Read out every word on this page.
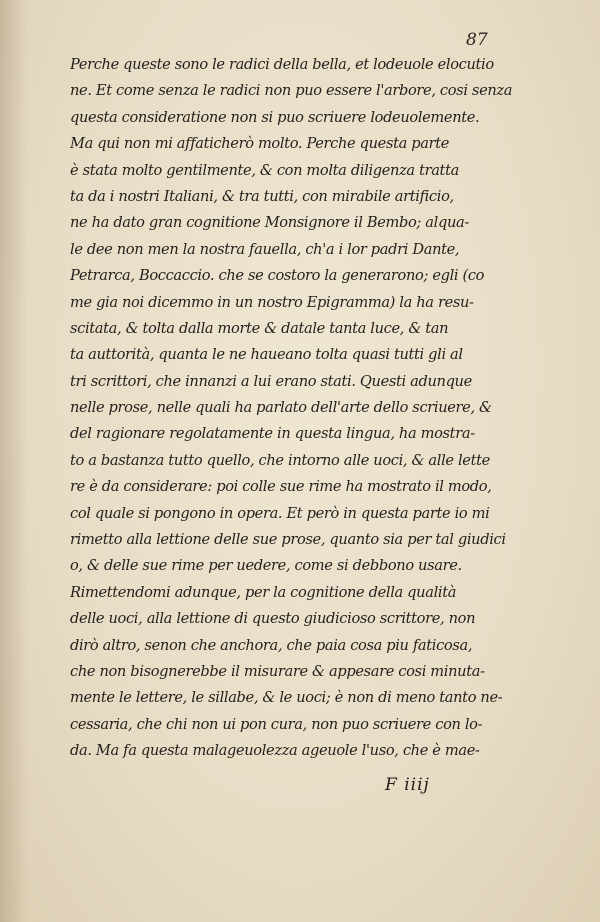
87
Perche queste sono le radici della bella, et lodeuole elocutio
ne. Et come senza le radici non puo essere l'arbore, cosi senza
questa consideratione non si puo scriuere lodeuolemente.
Ma qui non mi affaticherò molto. Perche questa parte
è stata molto gentilmente, & con molta diligenza tratta
ta da i nostri Italiani, & tra tutti, con mirabile artificio,
ne ha dato gran cognitione Monsignore il Bembo; alqua-
le dee non men la nostra fauella, ch'a i lor padri Dante,
Petrarca, Boccaccio. che se costoro la generarono; egli (co
me gia noi dicemmo in un nostro Epigramma) la ha resu-
scitata, & tolta dalla morte & datale tanta luce, & tan
ta auttorità, quanta le ne haueano tolta quasi tutti gli al
tri scrittori, che innanzi a lui erano stati. Questi adunque
nelle prose, nelle quali ha parlato dell'arte dello scriuere, &
del ragionare regolatamente in questa lingua, ha mostra-
to a bastanza tutto quello, che intorno alle uoci, & alle lette
re è da considerare: poi colle sue rime ha mostrato il modo,
col quale si pongono in opera. Et però in questa parte io mi
rimetto alla lettione delle sue prose, quanto sia per tal giudici
o, & delle sue rime per uedere, come si debbono usare.
Rimettendomi adunque, per la cognitione della qualità
delle uoci, alla lettione di questo giudicioso scrittore, non
dirò altro, senon che anchora, che paia cosa piu faticosa,
che non bisognerebbe il misurare & appesare cosi minuta-
mente le lettere, le sillabe, & le uoci; è non di meno tanto ne-
cessaria, che chi non ui pon cura, non puo scriuere con lo-
da. Ma fa questa malageuolezza ageuole l'uso, che è mae-
F iiij
